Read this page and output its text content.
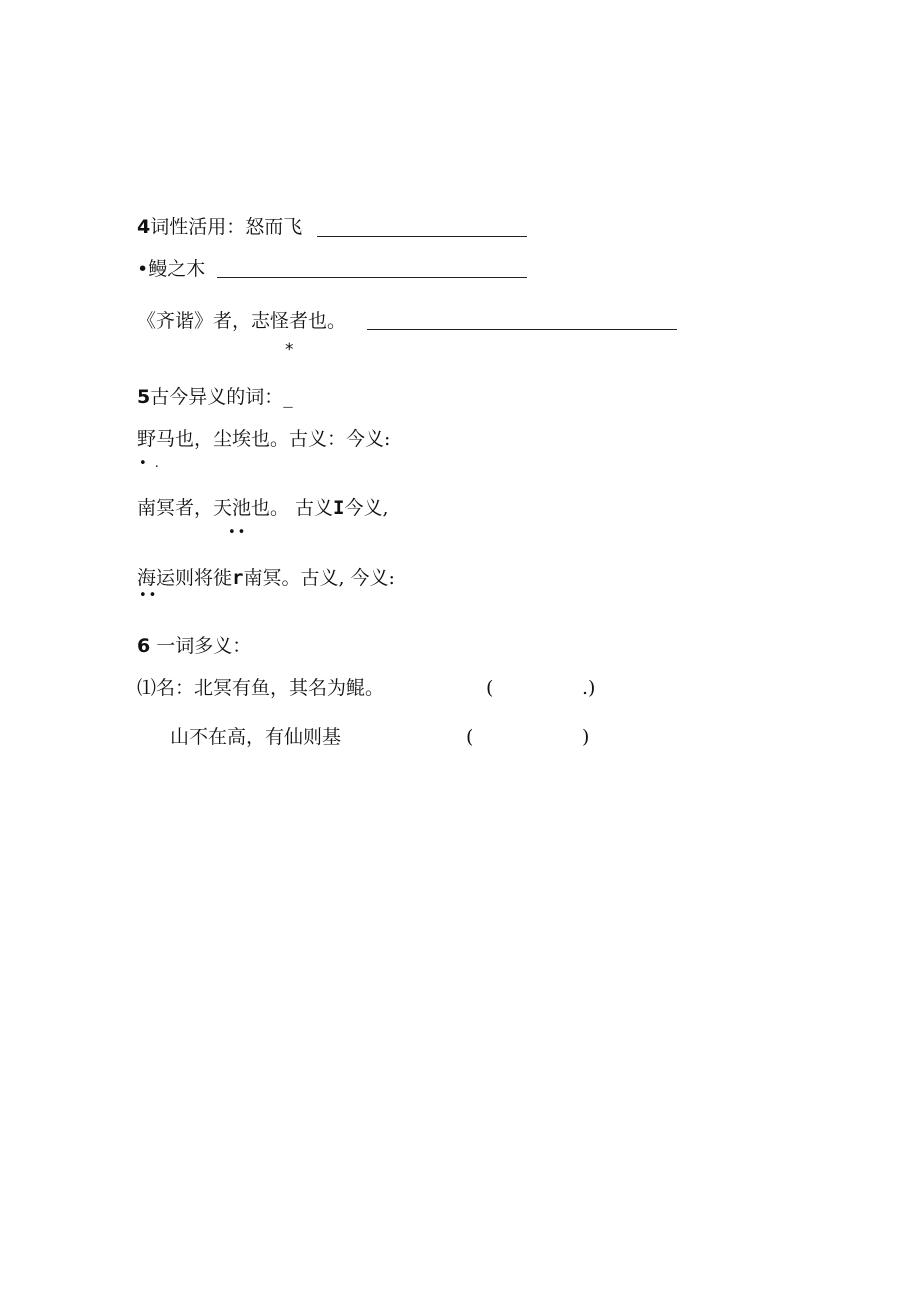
4词性活用：怒而飞
•鳗之木
《齐谐》者，志怪者也。
*
5古今异义的词：_
野马也，尘埃也。古义：今义:
• .
南冥者，天池也。 古义I今义,
••
海运则将徙r南冥。古义, 今义:
••
6 一词多义：
⑴名：北冥有鱼，其名为鲲。	(	.)
山不在高，有仙则基	(	)
